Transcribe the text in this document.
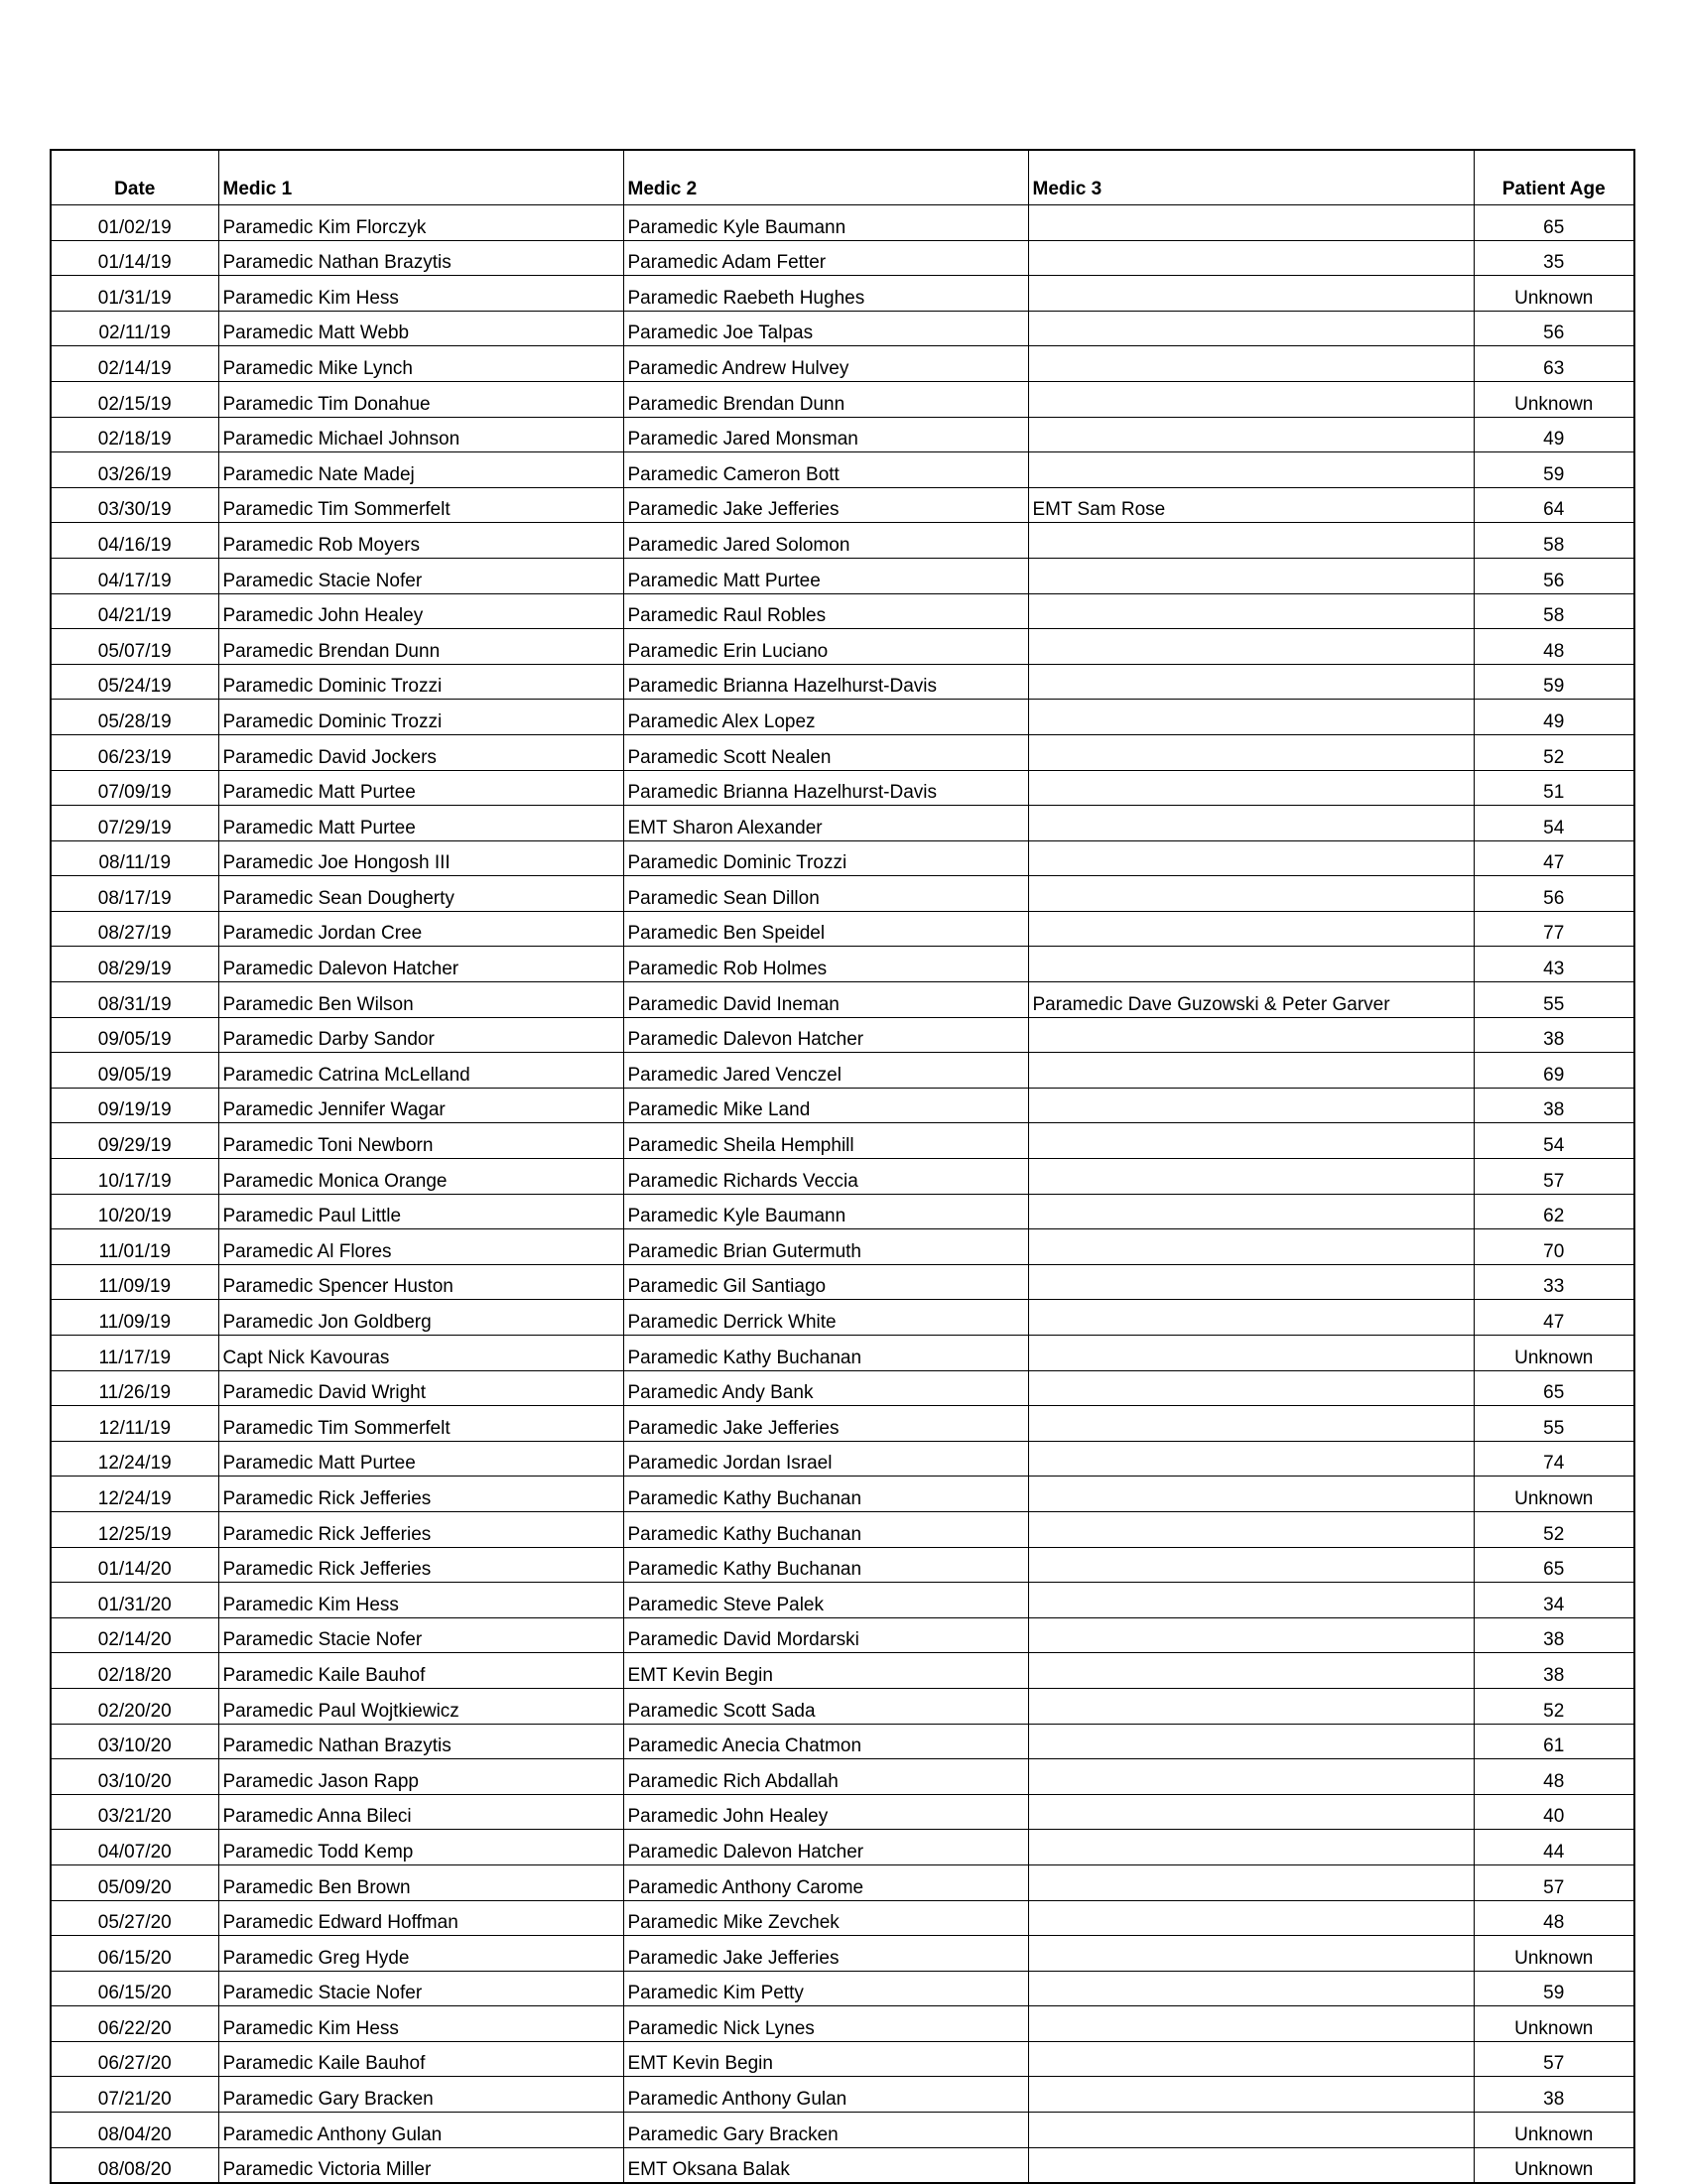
Date	Medic 1	Medic 2	Medic 3	Patient Age
01/02/19	Paramedic Kim Florczyk	Paramedic Kyle Baumann		65
01/14/19	Paramedic Nathan Brazytis	Paramedic Adam Fetter		35
01/31/19	Paramedic Kim Hess	Paramedic Raebeth Hughes		Unknown
02/11/19	Paramedic Matt Webb	Paramedic Joe Talpas		56
02/14/19	Paramedic Mike Lynch	Paramedic Andrew Hulvey		63
02/15/19	Paramedic Tim Donahue	Paramedic Brendan Dunn		Unknown
02/18/19	Paramedic Michael Johnson	Paramedic Jared Monsman		49
03/26/19	Paramedic Nate Madej	Paramedic Cameron Bott		59
03/30/19	Paramedic Tim Sommerfelt	Paramedic Jake Jefferies	EMT Sam Rose	64
04/16/19	Paramedic Rob Moyers	Paramedic Jared Solomon		58
04/17/19	Paramedic Stacie Nofer	Paramedic Matt Purtee		56
04/21/19	Paramedic John Healey	Paramedic Raul Robles		58
05/07/19	Paramedic Brendan Dunn	Paramedic Erin Luciano		48
05/24/19	Paramedic Dominic Trozzi	Paramedic Brianna Hazelhurst-Davis		59
05/28/19	Paramedic Dominic Trozzi	Paramedic Alex Lopez		49
06/23/19	Paramedic David Jockers	Paramedic Scott Nealen		52
07/09/19	Paramedic Matt Purtee	Paramedic Brianna Hazelhurst-Davis		51
07/29/19	Paramedic Matt Purtee	EMT Sharon Alexander		54
08/11/19	Paramedic Joe Hongosh III	Paramedic Dominic Trozzi		47
08/17/19	Paramedic Sean Dougherty	Paramedic Sean Dillon		56
08/27/19	Paramedic Jordan Cree	Paramedic Ben Speidel		77
08/29/19	Paramedic Dalevon Hatcher	Paramedic Rob Holmes		43
08/31/19	Paramedic Ben Wilson	Paramedic David Ineman	Paramedic Dave Guzowski & Peter Garver	55
09/05/19	Paramedic Darby Sandor	Paramedic Dalevon Hatcher		38
09/05/19	Paramedic Catrina McLelland	Paramedic Jared Venczel		69
09/19/19	Paramedic Jennifer Wagar	Paramedic Mike Land		38
09/29/19	Paramedic Toni Newborn	Paramedic Sheila Hemphill		54
10/17/19	Paramedic Monica Orange	Paramedic Richards Veccia		57
10/20/19	Paramedic Paul Little	Paramedic Kyle Baumann		62
11/01/19	Paramedic Al Flores	Paramedic Brian Gutermuth		70
11/09/19	Paramedic Spencer Huston	Paramedic Gil Santiago		33
11/09/19	Paramedic Jon Goldberg	Paramedic Derrick White		47
11/17/19	Capt Nick Kavouras	Paramedic Kathy Buchanan		Unknown
11/26/19	Paramedic David Wright	Paramedic Andy Bank		65
12/11/19	Paramedic Tim Sommerfelt	Paramedic Jake Jefferies		55
12/24/19	Paramedic Matt Purtee	Paramedic Jordan Israel		74
12/24/19	Paramedic Rick Jefferies	Paramedic Kathy Buchanan		Unknown
12/25/19	Paramedic Rick Jefferies	Paramedic Kathy Buchanan		52
01/14/20	Paramedic Rick Jefferies	Paramedic Kathy Buchanan		65
01/31/20	Paramedic Kim Hess	Paramedic Steve Palek		34
02/14/20	Paramedic Stacie Nofer	Paramedic David Mordarski		38
02/18/20	Paramedic Kaile Bauhof	EMT Kevin Begin		38
02/20/20	Paramedic Paul Wojtkiewicz	Paramedic Scott Sada		52
03/10/20	Paramedic Nathan Brazytis	Paramedic Anecia Chatmon		61
03/10/20	Paramedic Jason Rapp	Paramedic Rich Abdallah		48
03/21/20	Paramedic Anna Bileci	Paramedic John Healey		40
04/07/20	Paramedic Todd Kemp	Paramedic Dalevon Hatcher		44
05/09/20	Paramedic Ben Brown	Paramedic Anthony Carome		57
05/27/20	Paramedic Edward Hoffman	Paramedic Mike Zevchek		48
06/15/20	Paramedic Greg Hyde	Paramedic Jake Jefferies		Unknown
06/15/20	Paramedic Stacie Nofer	Paramedic Kim Petty		59
06/22/20	Paramedic Kim Hess	Paramedic Nick Lynes		Unknown
06/27/20	Paramedic Kaile Bauhof	EMT Kevin Begin		57
07/21/20	Paramedic Gary Bracken	Paramedic Anthony Gulan		38
08/04/20	Paramedic Anthony Gulan	Paramedic Gary Bracken		Unknown
08/08/20	Paramedic Victoria Miller	EMT Oksana Balak		Unknown
